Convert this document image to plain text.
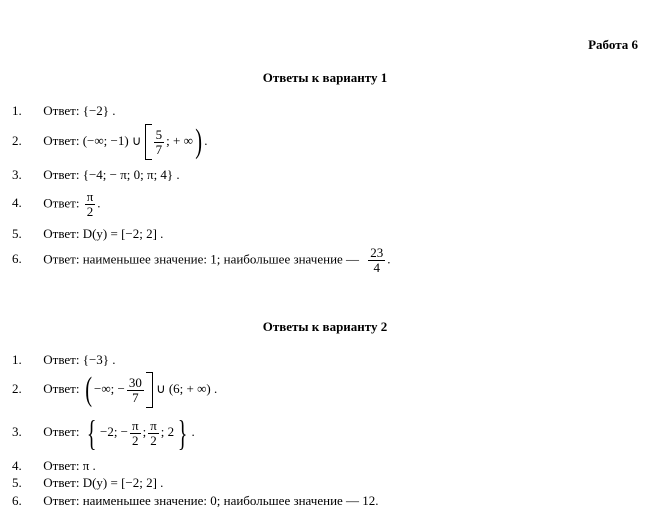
Работа 6
Ответы к варианту 1
1. Ответ: {−2} .
2. Ответ: (−∞; −1) ∪ $\frac{5}{7}$ ; + ∞) .
3. Ответ: {−4; − π; 0; π; 4} .
4. Ответ: $\frac{\pi}{2}$ .
5. Ответ: D(y) = [−2; 2] .
6. Ответ: наименьшее значение: 1; наибольшее значение — $\frac{23}{4}$ .
Ответы к варианту 2
1. Ответ: {−3} .
2. Ответ: ( −∞; − $\frac{30}{7}$ ∪ (6; + ∞) .
3. Ответ: { −2; − $\frac{\pi}{2}$ ; $\frac{\pi}{2}$ ; 2 } .
4. Ответ: π .
5. Ответ: D(y) = [−2; 2] .
6. Ответ: наименьшее значение: 0; наибольшее значение — 12.
